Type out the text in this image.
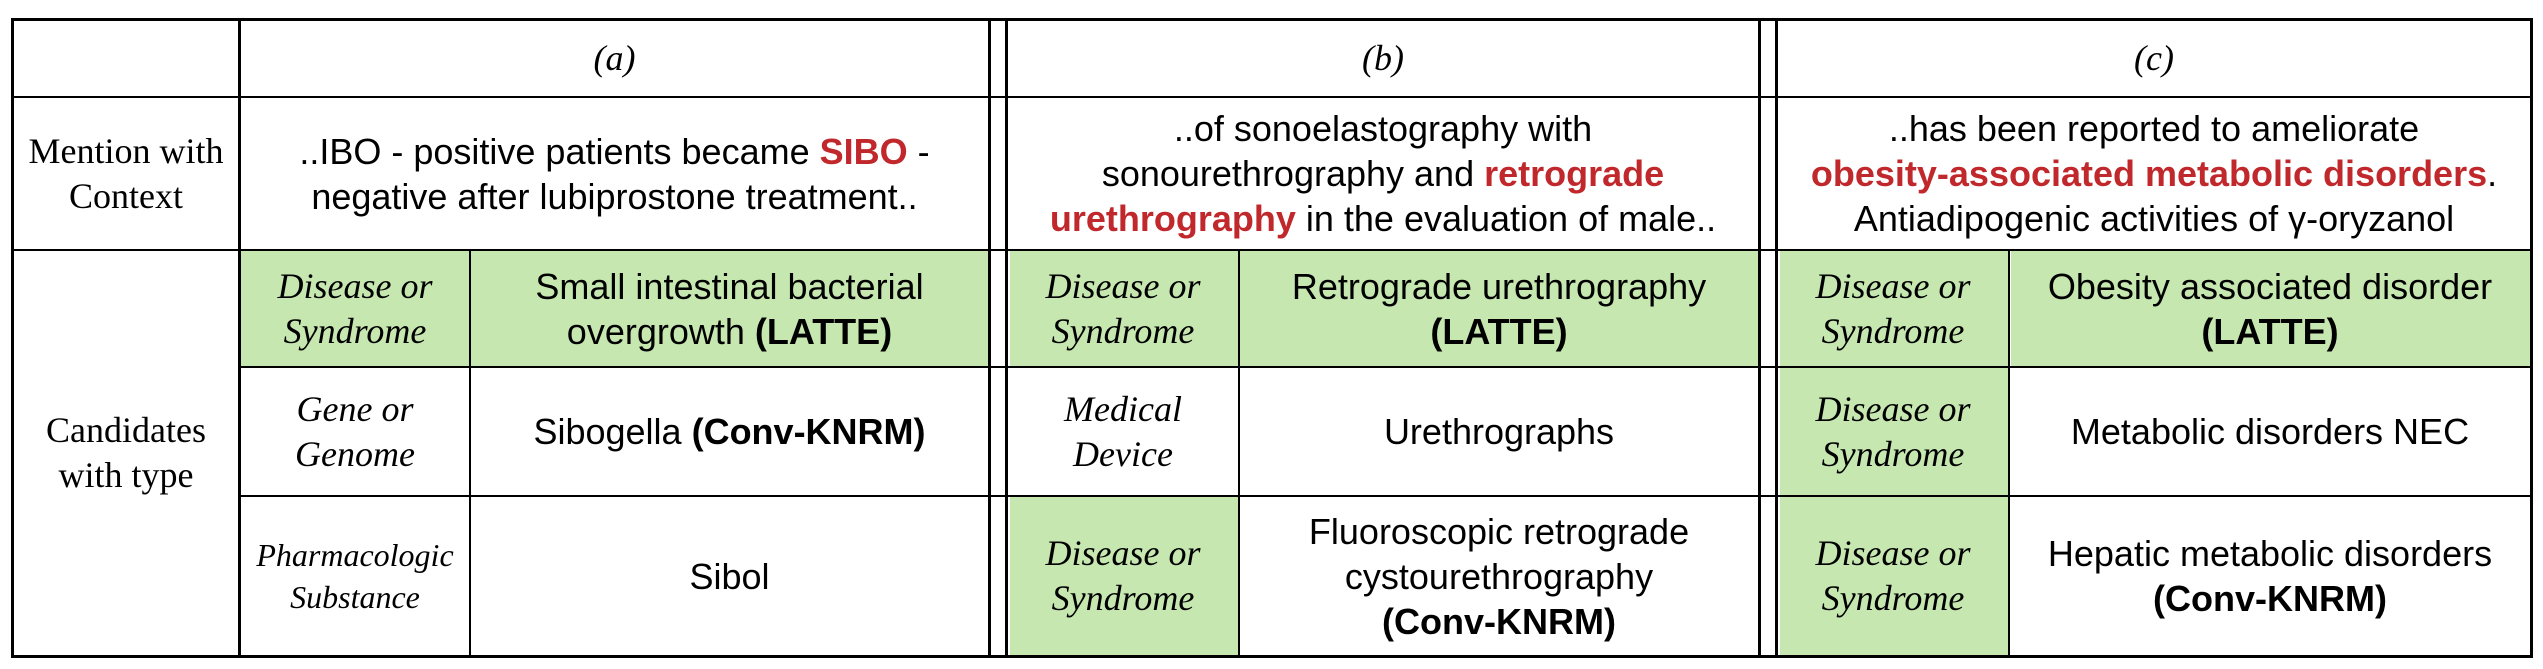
Mention with
Context
Candidates
with type
(a)	(b)	(c)
..IBO - positive patients became SIBO -
negative after lubiprostone treatment..
..of sonoelastography with
sonourethrography and retrograde
urethrography in the evaluation of male..
..has been reported to ameliorate
obesity-associated metabolic disorders.
Antiadipogenic activities of γ-oryzanol
Disease or
Syndrome
Small intestinal bacterial
overgrowth (LATTE)
Gene or
Genome
Sibogella (Conv-KNRM)
Pharmacologic
Substance
Sibol
Disease or
Syndrome
Retrograde urethrography
(LATTE)
Medical
Device
Urethrographs
Disease or
Syndrome
Fluoroscopic retrograde
cystourethrography
(Conv-KNRM)
Disease or
Syndrome
Obesity associated disorder
(LATTE)
Disease or
Syndrome
Metabolic disorders NEC
Disease or
Syndrome
Hepatic metabolic disorders
(Conv-KNRM)
